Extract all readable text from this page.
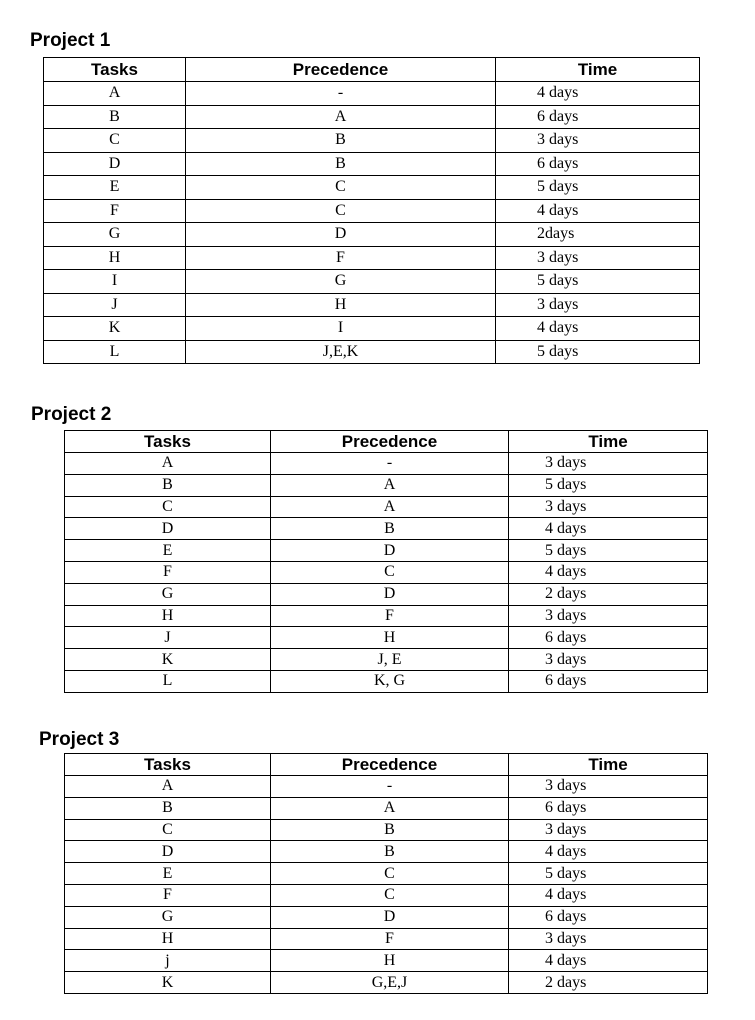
Project 1
Tasks	Precedence	Time
A	-	4 days
B	A	6 days
C	B	3 days
D	B	6 days
E	C	5 days
F	C	4 days
G	D	2days
H	F	3 days
I	G	5 days
J	H	3 days
K	I	4 days
L	J,E,K	5 days
Project 2
Tasks	Precedence	Time
A	-	3 days
B	A	5 days
C	A	3 days
D	B	4 days
E	D	5 days
F	C	4 days
G	D	2 days
H	F	3 days
J	H	6 days
K	J, E	3 days
L	K, G	6 days
Project 3
Tasks	Precedence	Time
A	-	3 days
B	A	6 days
C	B	3 days
D	B	4 days
E	C	5 days
F	C	4 days
G	D	6 days
H	F	3 days
j	H	4 days
K	G,E,J	2 days
